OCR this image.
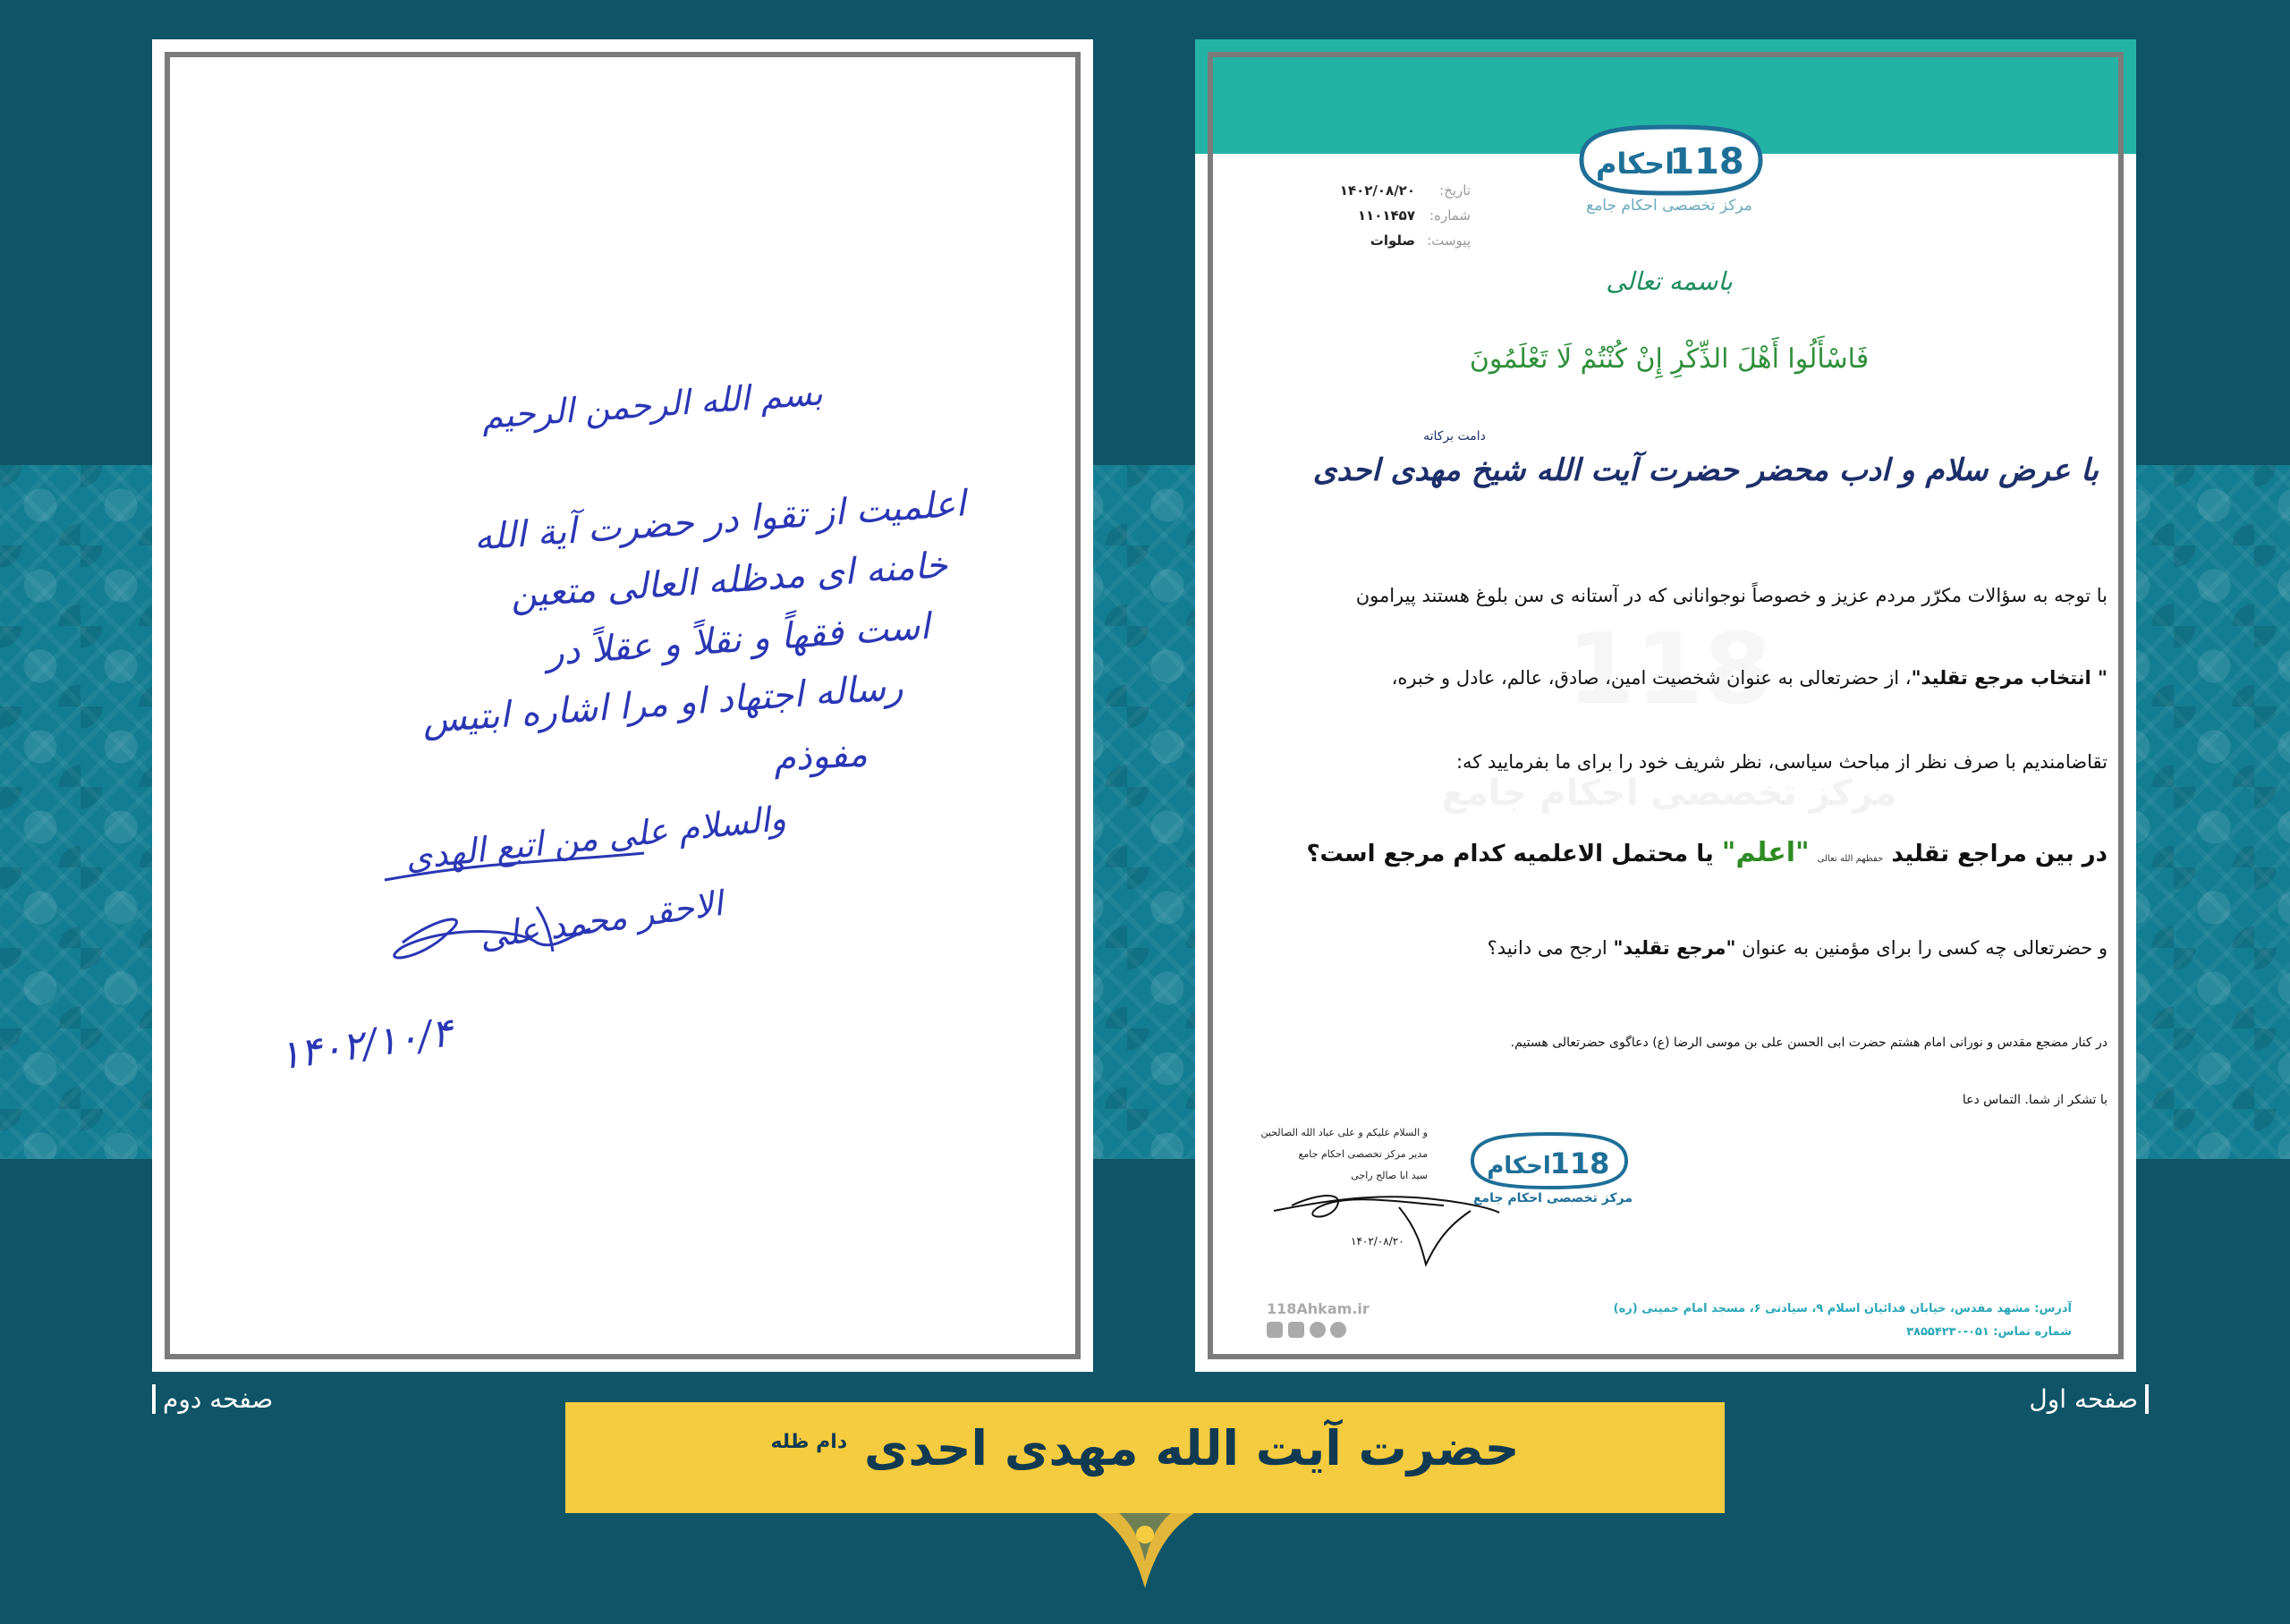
بسم الله الرحمن الرحیم
اعلمیت از تقوا در حضرت آیة الله
خامنه ای مدظله العالی متعین
است فقهاً و نقلاً و عقلاً در
رساله اجتهاد او مرا اشاره ابتیس
مفوذم
والسلام علی من اتبع الهدی
الاحقر محمد علی
۱۴۰۲/۱۰/۴
118
احکام
مرکز تخصصی احکام جامع
تاریخ:
۱۴۰۲/۰۸/۲۰
شماره:
۱۱۰۱۴۵۷
پیوست:
صلوات
باسمه تعالی
فَاسْأَلُوا أَهْلَ الذِّكْرِ إِنْ كُنْتُمْ لَا تَعْلَمُونَ
دامت برکاته
با عرض سلام و ادب محضر حضرت آیت الله شیخ مهدی احدی
مرکز تخصصی احکام جامع
با توجه به سؤالات مکرّر مردم عزیز و خصوصاً نوجوانانی که در آستانه ی سن بلوغ هستند پیرامون
" انتخاب مرجع تقلید"، از حضرتعالی به عنوان شخصیت امین، صادق، عالم، عادل و خبره،
تقاضامندیم با صرف نظر از مباحث سیاسی، نظر شریف خود را برای ما بفرمایید که:
در بین مراجع تقلید حفظهم الله تعالی "اعلم" یا محتمل الاعلمیه کدام مرجع است؟
و حضرتعالی چه کسی را برای مؤمنین به عنوان "مرجع تقلید" ارجح می دانید؟
در کنار مضجع مقدس و نورانی امام هشتم حضرت ابی الحسن علی بن موسی الرضا (ع) دعاگوی حضرتعالی هستیم.
با تشکر از شما. التماس دعا
و السلام علیکم و علی عباد الله الصالحین
مدیر مرکز تخصصی احکام جامع
سید ابا صالح راجی	118
احکام
مرکز تخصصی احکام جامع
۱۴۰۲/۰۸/۲۰
118Ahkam.ir	آدرس: مشهد مقدس، خیابان فدائیان اسلام ۹، سیادتی ۶، مسجد امام خمینی (ره)
شماره تماس: ۰۵۱-۳۸۵۵۴۲۳۰
صفحه اول
صفحه دوم
حضرت آیت الله مهدی احدی $^{دام ظله}$
